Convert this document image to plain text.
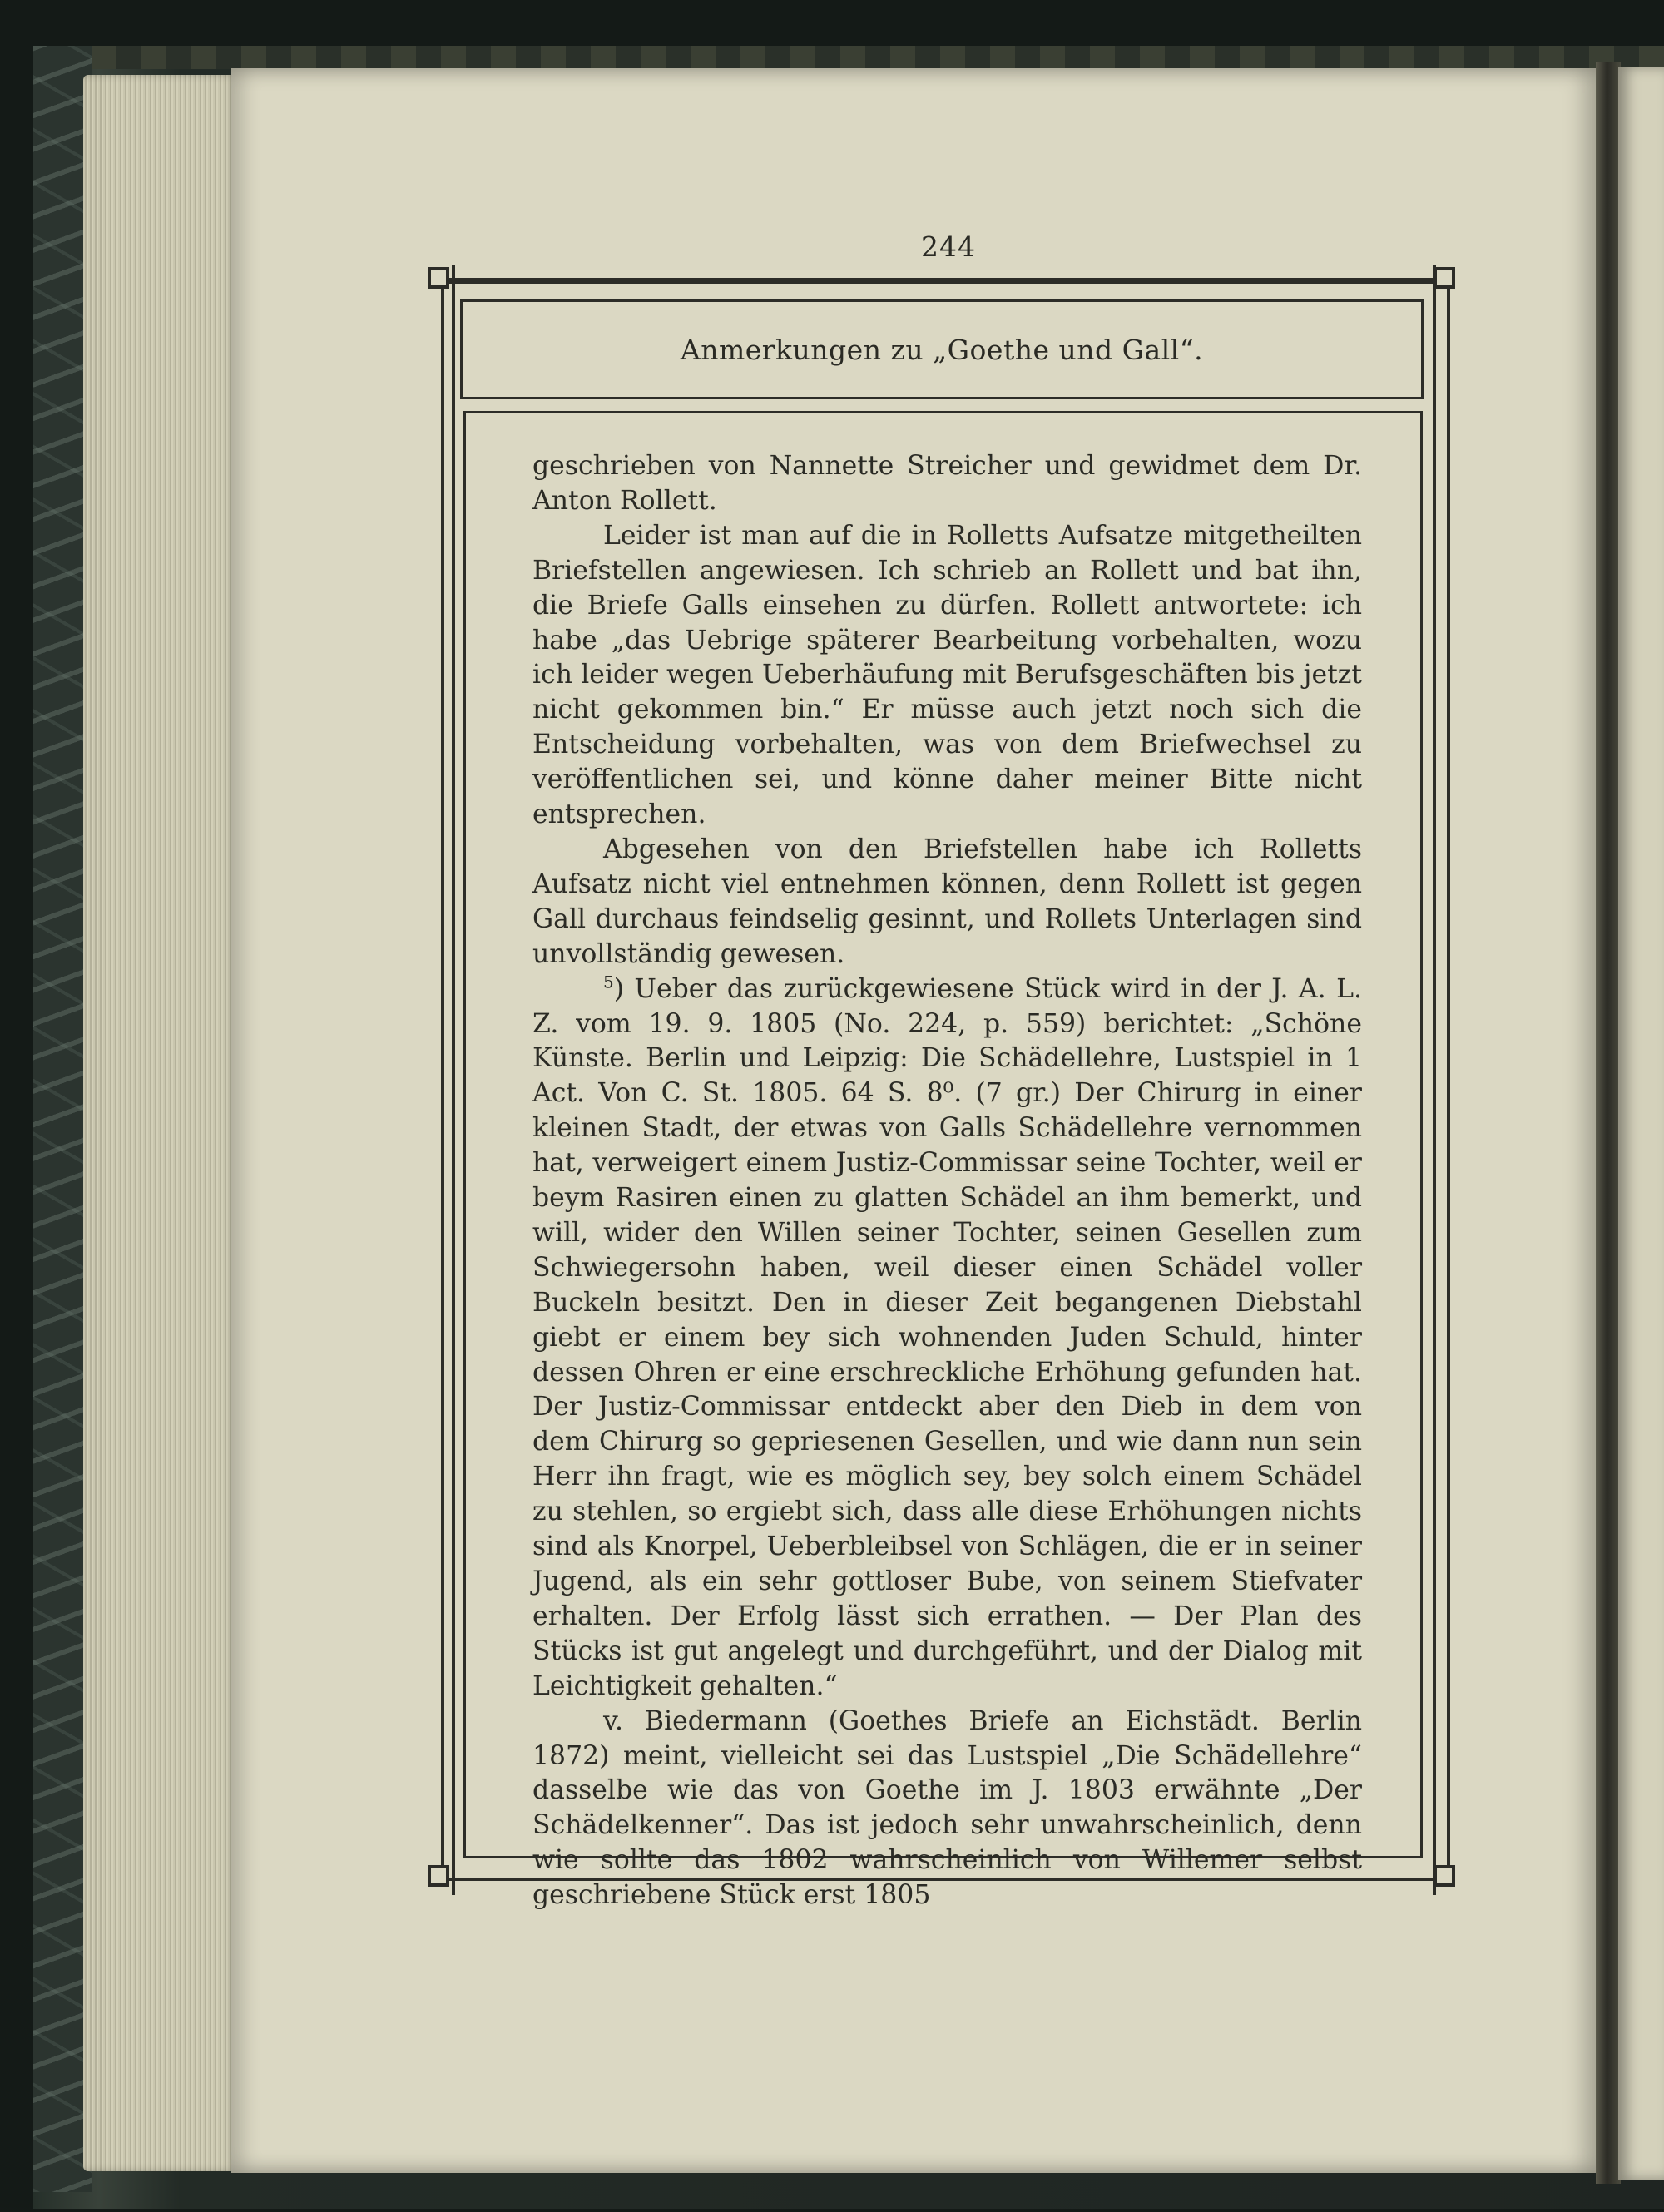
244
Anmerkungen zu „Goethe und Gall“.

geschrieben von Nannette Streicher und gewidmet dem Dr. Anton Rollett.

Leider ist man auf die in Rolletts Aufsatze mitgetheilten Briefstellen angewiesen. Ich schrieb an Rollett und bat ihn, die Briefe Galls einsehen zu dürfen. Rollett antwortete: ich habe „das Uebrige späterer Bearbeitung vorbehalten, wozu ich leider wegen Ueberhäufung mit Berufsgeschäften bis jetzt nicht gekommen bin.“ Er müsse auch jetzt noch sich die Entscheidung vorbehalten, was von dem Briefwechsel zu veröffentlichen sei, und könne daher meiner Bitte nicht entsprechen.

Abgesehen von den Briefstellen habe ich Rolletts Aufsatz nicht viel entnehmen können, denn Rollett ist gegen Gall durchaus feindselig gesinnt, und Rollets Unterlagen sind unvollständig gewesen.

$^5$) Ueber das zurückgewiesene Stück wird in der J. A. L. Z. vom 19. 9. 1805 (No. 224, p. 559) berichtet: „Schöne Künste. Berlin und Leipzig: Die Schädellehre, Lustspiel in 1 Act. Von C. St. 1805. 64 S. 8⁰. (7 gr.) Der Chirurg in einer kleinen Stadt, der etwas von Galls Schädellehre vernommen hat, verweigert einem Justiz-Commissar seine Tochter, weil er beym Rasiren einen zu glatten Schädel an ihm bemerkt, und will, wider den Willen seiner Tochter, seinen Gesellen zum Schwiegersohn haben, weil dieser einen Schädel voller Buckeln besitzt. Den in dieser Zeit begangenen Diebstahl giebt er einem bey sich wohnenden Juden Schuld, hinter dessen Ohren er eine erschreckliche Erhöhung gefunden hat. Der Justiz-Commissar entdeckt aber den Dieb in dem von dem Chirurg so gepriesenen Gesellen, und wie dann nun sein Herr ihn fragt, wie es möglich sey, bey solch einem Schädel zu stehlen, so ergiebt sich, dass alle diese Erhöhungen nichts sind als Knorpel, Ueberbleibsel von Schlägen, die er in seiner Jugend, als ein sehr gottloser Bube, von seinem Stiefvater erhalten. Der Erfolg lässt sich errathen. — Der Plan des Stücks ist gut angelegt und durchgeführt, und der Dialog mit Leichtigkeit gehalten.“

v. Biedermann (Goethes Briefe an Eichstädt. Berlin 1872) meint, vielleicht sei das Lustspiel „Die Schädellehre“ dasselbe wie das von Goethe im J. 1803 erwähnte „Der Schädelkenner“. Das ist jedoch sehr unwahrscheinlich, denn wie sollte das 1802 wahrscheinlich von Willemer selbst geschriebene Stück erst 1805
